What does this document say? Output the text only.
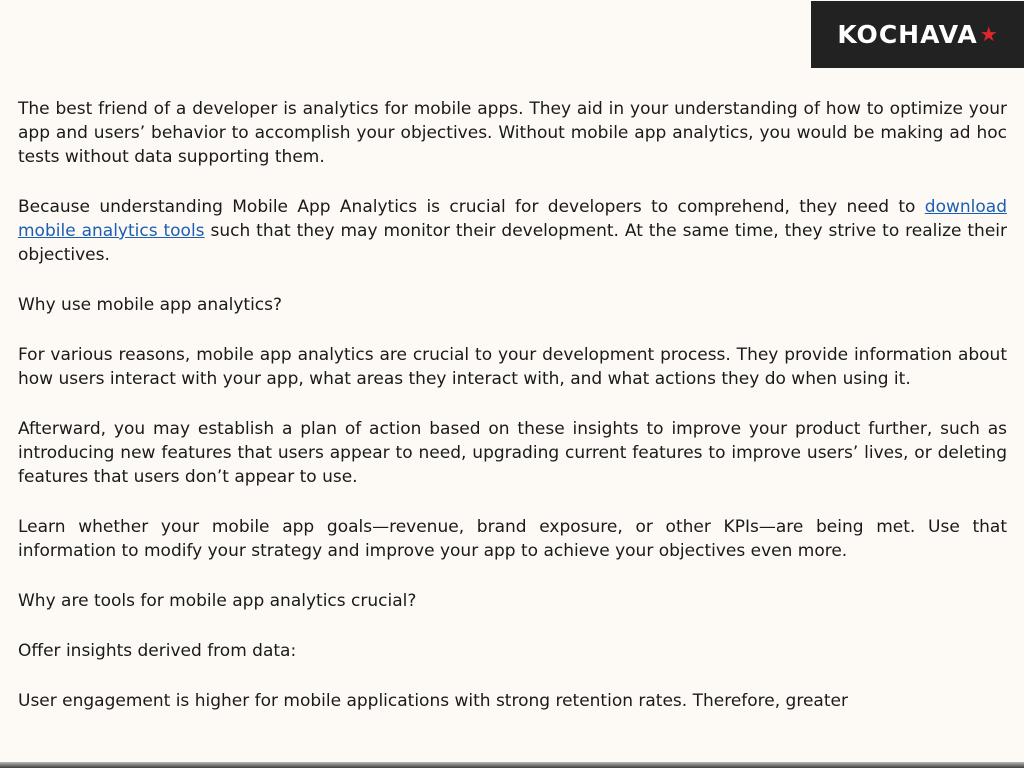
KOCHAVA ★

The best friend of a developer is analytics for mobile apps. They aid in your understanding of how to optimize your app and users’ behavior to accomplish your objectives. Without mobile app analytics, you would be making ad hoc tests without data supporting them.

Because understanding Mobile App Analytics is crucial for developers to comprehend, they need to download mobile analytics tools such that they may monitor their development. At the same time, they strive to realize their objectives.

Why use mobile app analytics?

For various reasons, mobile app analytics are crucial to your development process. They provide information about how users interact with your app, what areas they interact with, and what actions they do when using it.

Afterward, you may establish a plan of action based on these insights to improve your product further, such as introducing new features that users appear to need, upgrading current features to improve users’ lives, or deleting features that users don’t appear to use.

Learn whether your mobile app goals—revenue, brand exposure, or other KPIs—are being met. Use that information to modify your strategy and improve your app to achieve your objectives even more.

Why are tools for mobile app analytics crucial?

Offer insights derived from data:

User engagement is higher for mobile applications with strong retention rates. Therefore, greater
